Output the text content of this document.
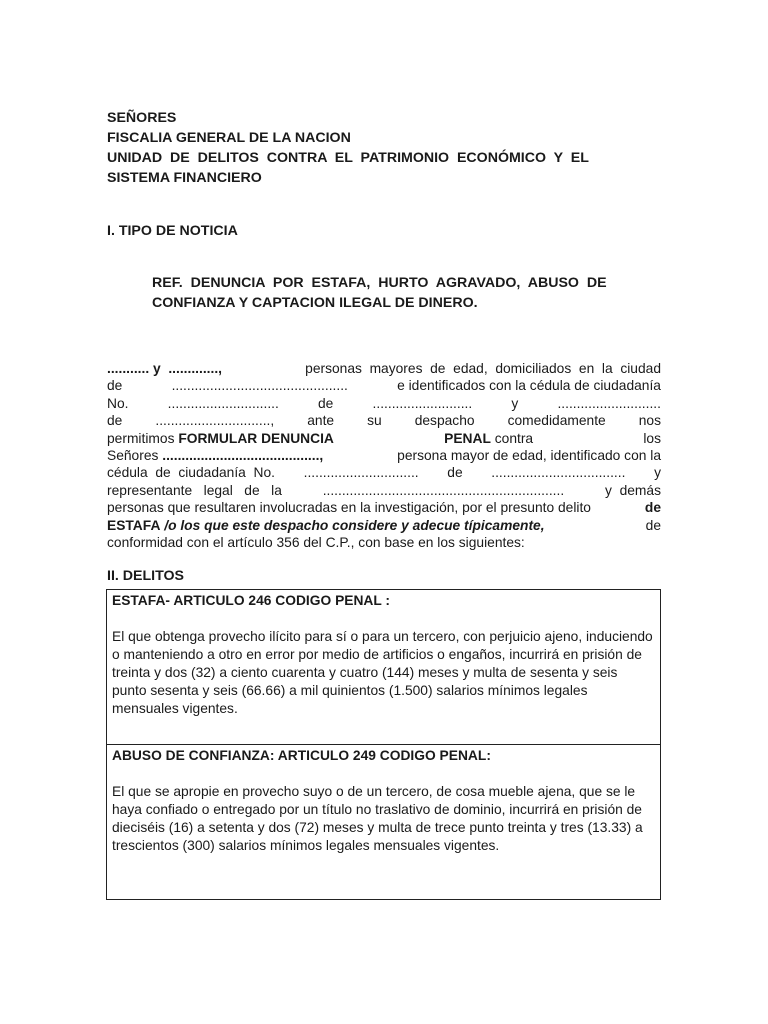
SEÑORES
FISCALIA GENERAL DE LA NACION
UNIDAD  DE  DELITOS  CONTRA  EL  PATRIMONIO  ECONÓMICO  Y  EL
SISTEMA FINANCIERO
I. TIPO DE NOTICIA
REF.  DENUNCIA  POR  ESTAFA,  HURTO  AGRAVADO,  ABUSO  DE
CONFIANZA Y CAPTACION ILEGAL DE DINERO.
........... y  .............,	personas  mayores  de  edad,  domiciliados  en  la  ciudad
de	..............................................	e identificados con la cédula de ciudadanía
No.	.............................	de	..........................	y	...........................
de .............................., ante su despacho comedidamente nos
permitimos FORMULAR DENUNCIA	PENAL contra	los
Señores .........................................,	persona mayor de edad, identificado con la
cédula  de  ciudadanía  No. .............................. de ................................... y
representante   legal   de   la	...............................................................	y  demás
personas que resultaren involucradas en la investigación, por el presunto delito	de
ESTAFA /o los que este despacho considere y adecue típicamente,	de
conformidad con el artículo 356 del C.P., con base en los siguientes:
II. DELITOS
ESTAFA- ARTICULO 246 CODIGO PENAL :

El que obtenga provecho ilícito para sí o para un tercero, con perjuicio ajeno, induciendo o manteniendo a otro en error por medio de artificios o engaños, incurrirá en prisión de treinta y dos (32) a ciento cuarenta y cuatro (144) meses y multa de sesenta y seis punto sesenta y seis (66.66) a mil quinientos (1.500) salarios mínimos legales mensuales vigentes.

ABUSO DE CONFIANZA: ARTICULO 249 CODIGO PENAL:

El que se apropie en provecho suyo o de un tercero, de cosa mueble ajena, que se le haya confiado o entregado por un título no traslativo de dominio, incurrirá en prisión de dieciséis (16) a setenta y dos (72) meses y multa de trece punto treinta y tres (13.33) a trescientos (300) salarios mínimos legales mensuales vigentes.
